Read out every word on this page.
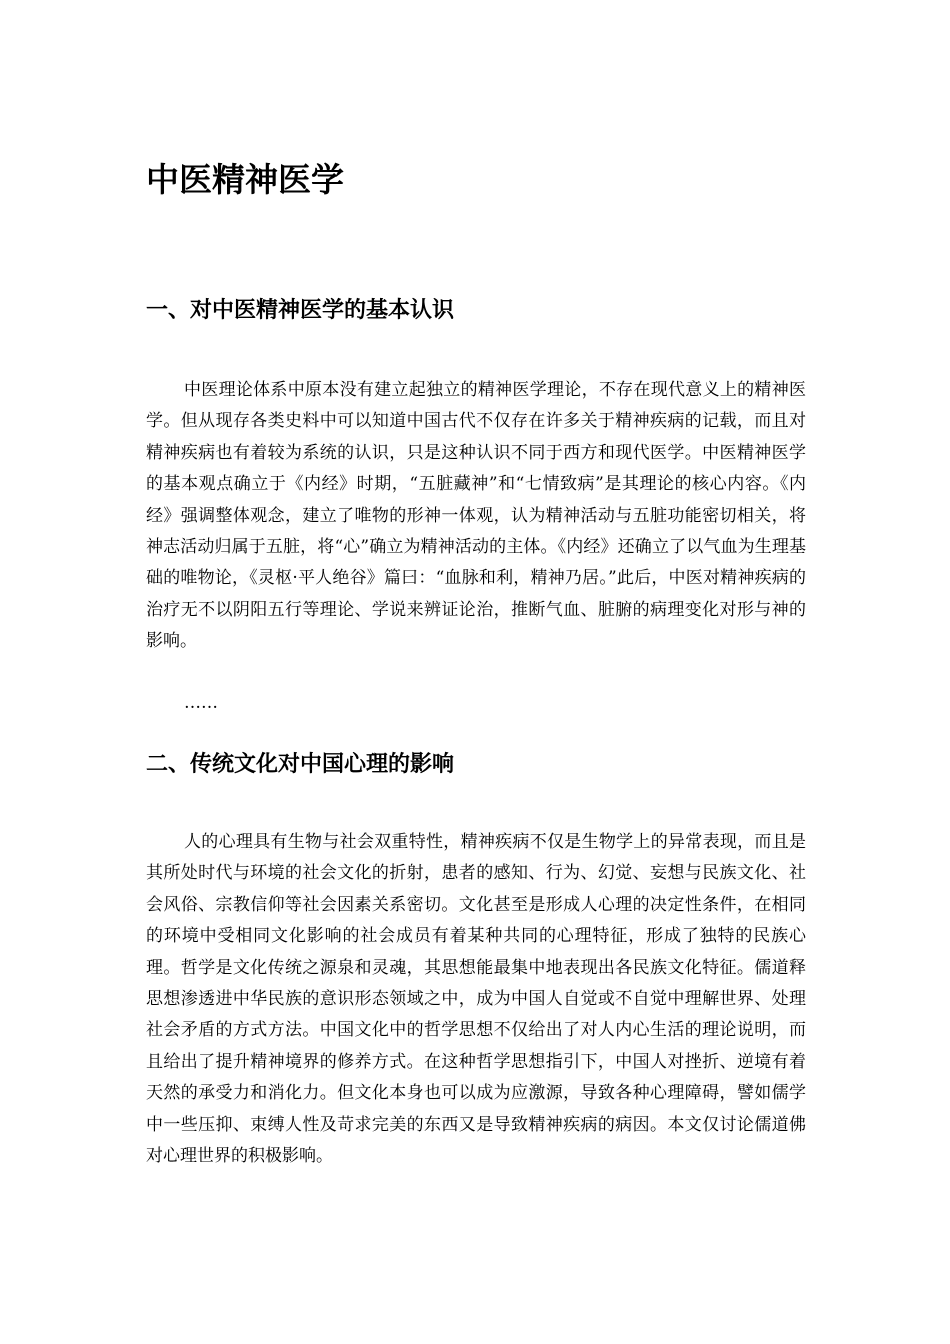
中医精神医学
一、对中医精神医学的基本认识

中医理论体系中原本没有建立起独立的精神医学理论，不存在现代意义上的精神医学。但从现存各类史料中可以知道中国古代不仅存在许多关于精神疾病的记载，而且对精神疾病也有着较为系统的认识，只是这种认识不同于西方和现代医学。中医精神医学的基本观点确立于《内经》时期，“五脏藏神”和“七情致病”是其理论的核心内容。《内经》强调整体观念，建立了唯物的形神一体观，认为精神活动与五脏功能密切相关，将神志活动归属于五脏，将“心”确立为精神活动的主体。《内经》还确立了以气血为生理基础的唯物论，《灵枢·平人绝谷》篇曰：“血脉和利，精神乃居。”此后，中医对精神疾病的治疗无不以阴阳五行等理论、学说来辨证论治，推断气血、脏腑的病理变化对形与神的影响。

……

二、传统文化对中国心理的影响

人的心理具有生物与社会双重特性，精神疾病不仅是生物学上的异常表现，而且是其所处时代与环境的社会文化的折射，患者的感知、行为、幻觉、妄想与民族文化、社会风俗、宗教信仰等社会因素关系密切。文化甚至是形成人心理的决定性条件，在相同的环境中受相同文化影响的社会成员有着某种共同的心理特征，形成了独特的民族心理。哲学是文化传统之源泉和灵魂，其思想能最集中地表现出各民族文化特征。儒道释思想渗透进中华民族的意识形态领域之中，成为中国人自觉或不自觉中理解世界、处理社会矛盾的方式方法。中国文化中的哲学思想不仅给出了对人内心生活的理论说明，而且给出了提升精神境界的修养方式。在这种哲学思想指引下，中国人对挫折、逆境有着天然的承受力和消化力。但文化本身也可以成为应激源，导致各种心理障碍，譬如儒学中一些压抑、束缚人性及苛求完美的东西又是导致精神疾病的病因。本文仅讨论儒道佛对心理世界的积极影响。
